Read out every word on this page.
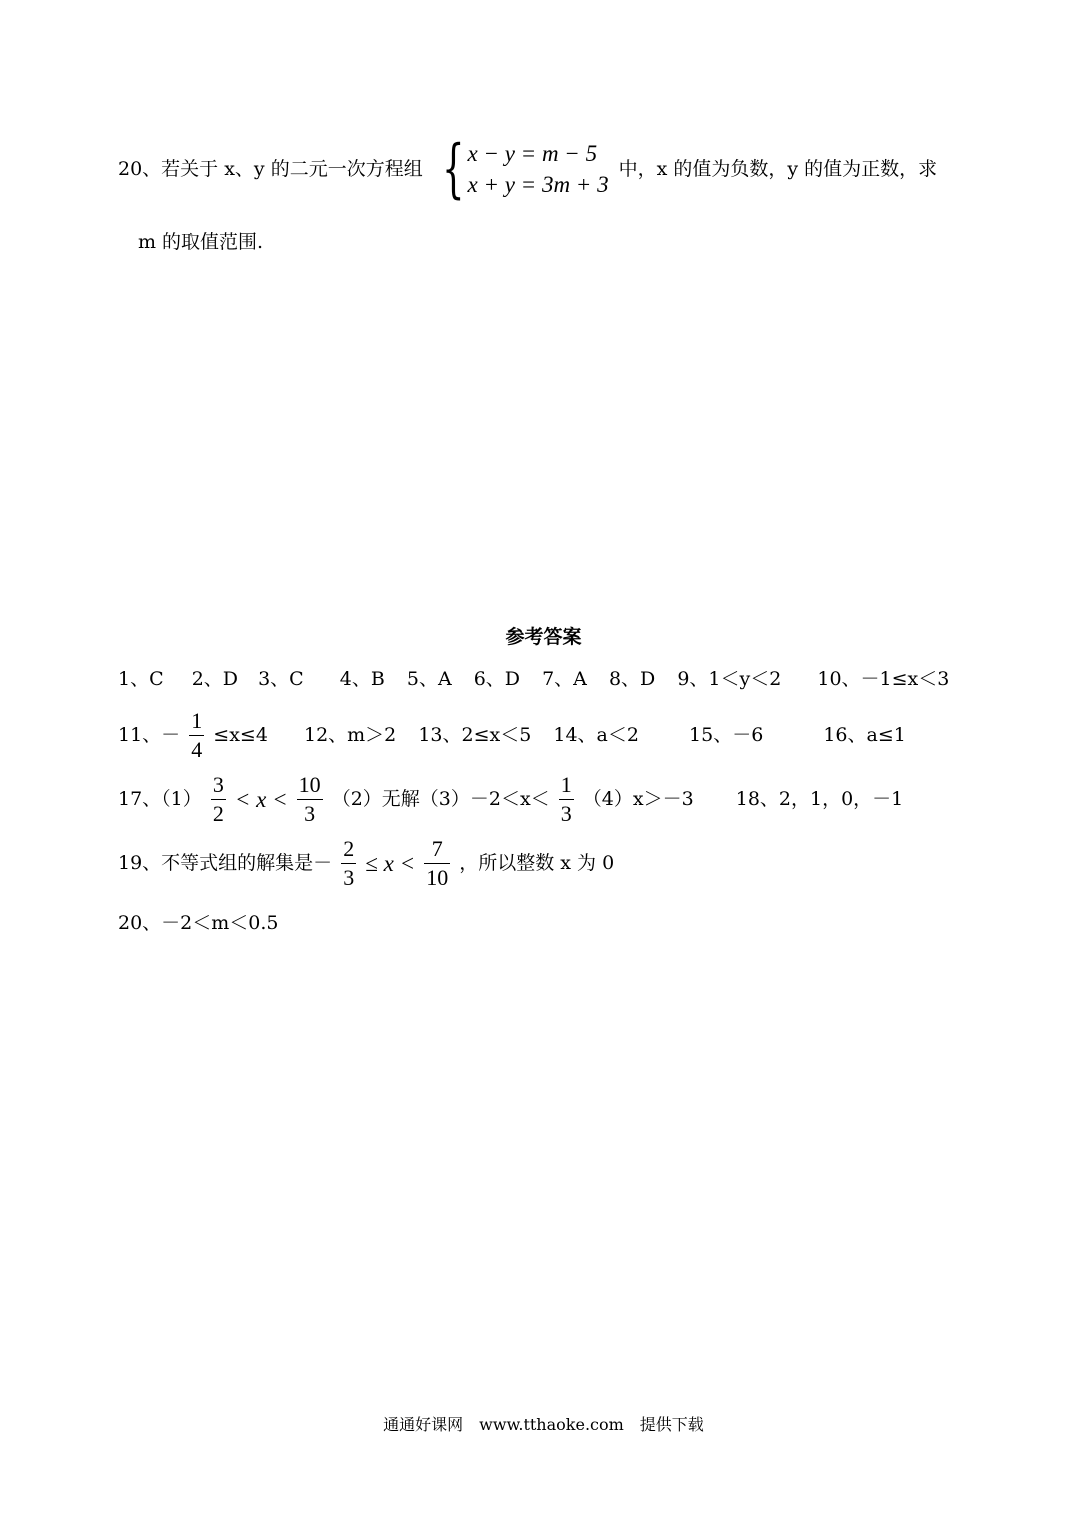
20、若关于 x、y 的二元一次方程组 { x − y = m − 5
x + y = 3m + 3
中，x 的值为负数，y 的值为正数，求
m 的取值范围.
参考答案
1、C 2、D 3、C 4、B 5、A 6、D 7、A 8、D 9、1＜y＜2 10、－1≤x＜3
11、－ $\frac{1}{4} \le x\le 4$ 12、m＞2 13、2≤x＜5 14、a＜2	15、－6	16、a≤1
17、$(1) \frac{3}{2} < x < \frac{10}{3} (2)$无解$(3)-2<x< \frac{1}{3} (4)x>-3$ 18、2，1，0，－1
19、不等式组的解集是－ $\frac{2}{3} \le x < \frac{7}{10}$ ，所以整数 x 为 0
20、－2＜m＜0.5
通通好课网　www.tthaoke.com　提供下载
